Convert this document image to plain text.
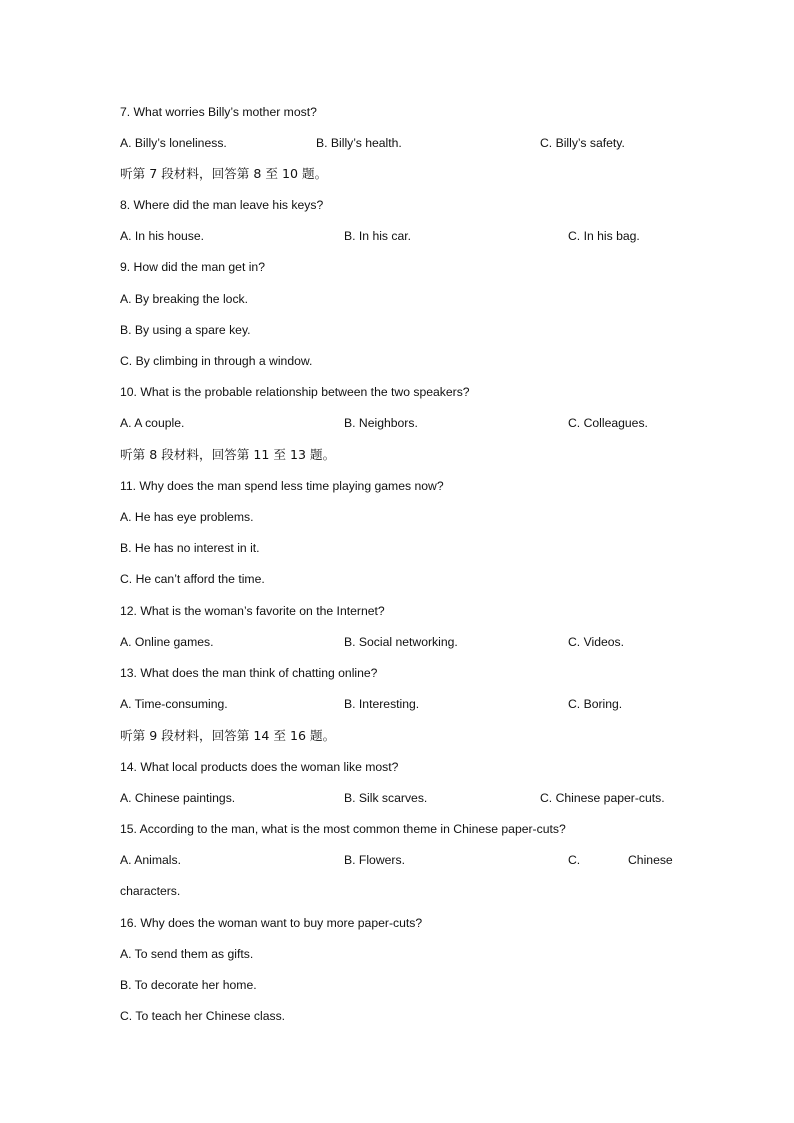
7. What worries Billy’s mother most?
A. Billy’s loneliness.	B. Billy’s health.	C. Billy’s safety.
听第 7 段材料，回答第 8 至 10 题。
8. Where did the man leave his keys?
A. In his house.	B. In his car.	C. In his bag.
9. How did the man get in?
A. By breaking the lock.
B. By using a spare key.
C. By climbing in through a window.
10. What is the probable relationship between the two speakers?
A. A couple.	B. Neighbors.	C. Colleagues.
听第 8 段材料，回答第 11 至 13 题。
11. Why does the man spend less time playing games now?
A. He has eye problems.
B. He has no interest in it.
C. He can’t afford the time.
12. What is the woman’s favorite on the Internet?
A. Online games.	B. Social networking.	C. Videos.
13. What does the man think of chatting online?
A. Time-consuming.	B. Interesting.	C. Boring.
听第 9 段材料，回答第 14 至 16 题。
14. What local products does the woman like most?
A. Chinese paintings.	B. Silk scarves.	C. Chinese paper-cuts.
15. According to the man, what is the most common theme in Chinese paper-cuts?
A. Animals.	B. Flowers.	C.	Chinese
characters.
16. Why does the woman want to buy more paper-cuts?
A. To send them as gifts.
B. To decorate her home.
C. To teach her Chinese class.
